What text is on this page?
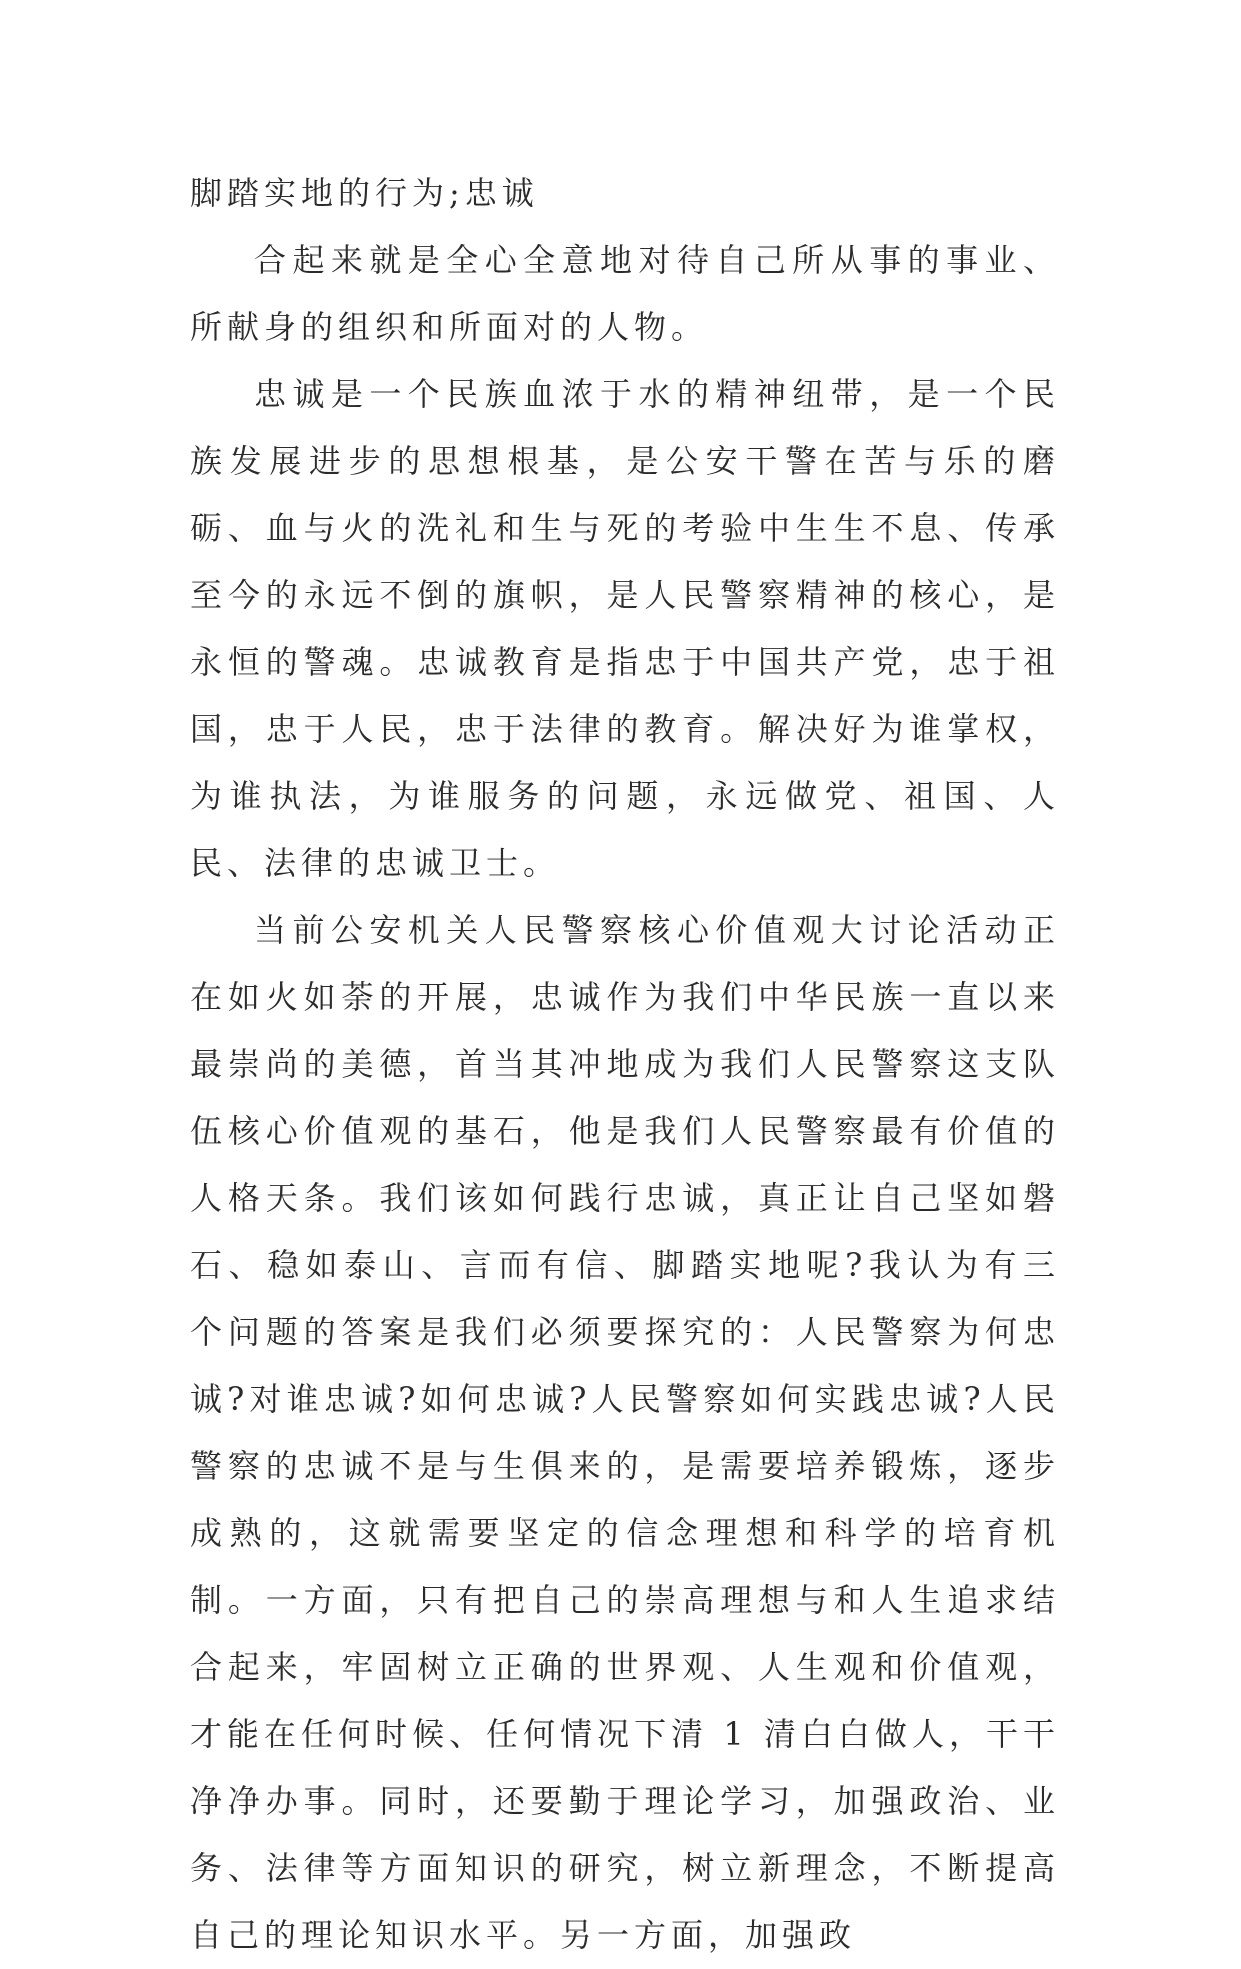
脚踏实地的行为;忠诚

合起来就是全心全意地对待自己所从事的事业、所献身的组织和所面对的人物。

忠诚是一个民族血浓于水的精神纽带，是一个民族发展进步的思想根基，是公安干警在苦与乐的磨砺、血与火的洗礼和生与死的考验中生生不息、传承至今的永远不倒的旗帜，是人民警察精神的核心，是永恒的警魂。忠诚教育是指忠于中国共产党，忠于祖国，忠于人民，忠于法律的教育。解决好为谁掌权，为谁执法，为谁服务的问题，永远做党、祖国、人民、法律的忠诚卫士。

当前公安机关人民警察核心价值观大讨论活动正在如火如荼的开展，忠诚作为我们中华民族一直以来最崇尚的美德，首当其冲地成为我们人民警察这支队伍核心价值观的基石，他是我们人民警察最有价值的人格天条。我们该如何践行忠诚，真正让自己坚如磐石、稳如泰山、言而有信、脚踏实地呢?我认为有三个问题的答案是我们必须要探究的：人民警察为何忠诚?对谁忠诚?如何忠诚?人民警察如何实践忠诚?人民警察的忠诚不是与生俱来的，是需要培养锻炼，逐步成熟的，这就需要坚定的信念理想和科学的培育机制。一方面，只有把自己的崇高理想与和人生追求结合起来，牢固树立正确的世界观、人生观和价值观，才能在任何时候、任何情况下清 1 清白白做人，干干净净办事。同时，还要勤于理论学习，加强政治、业务、法律等方面知识的研究，树立新理念，不断提高自己的理论知识水平。另一方面，加强政
